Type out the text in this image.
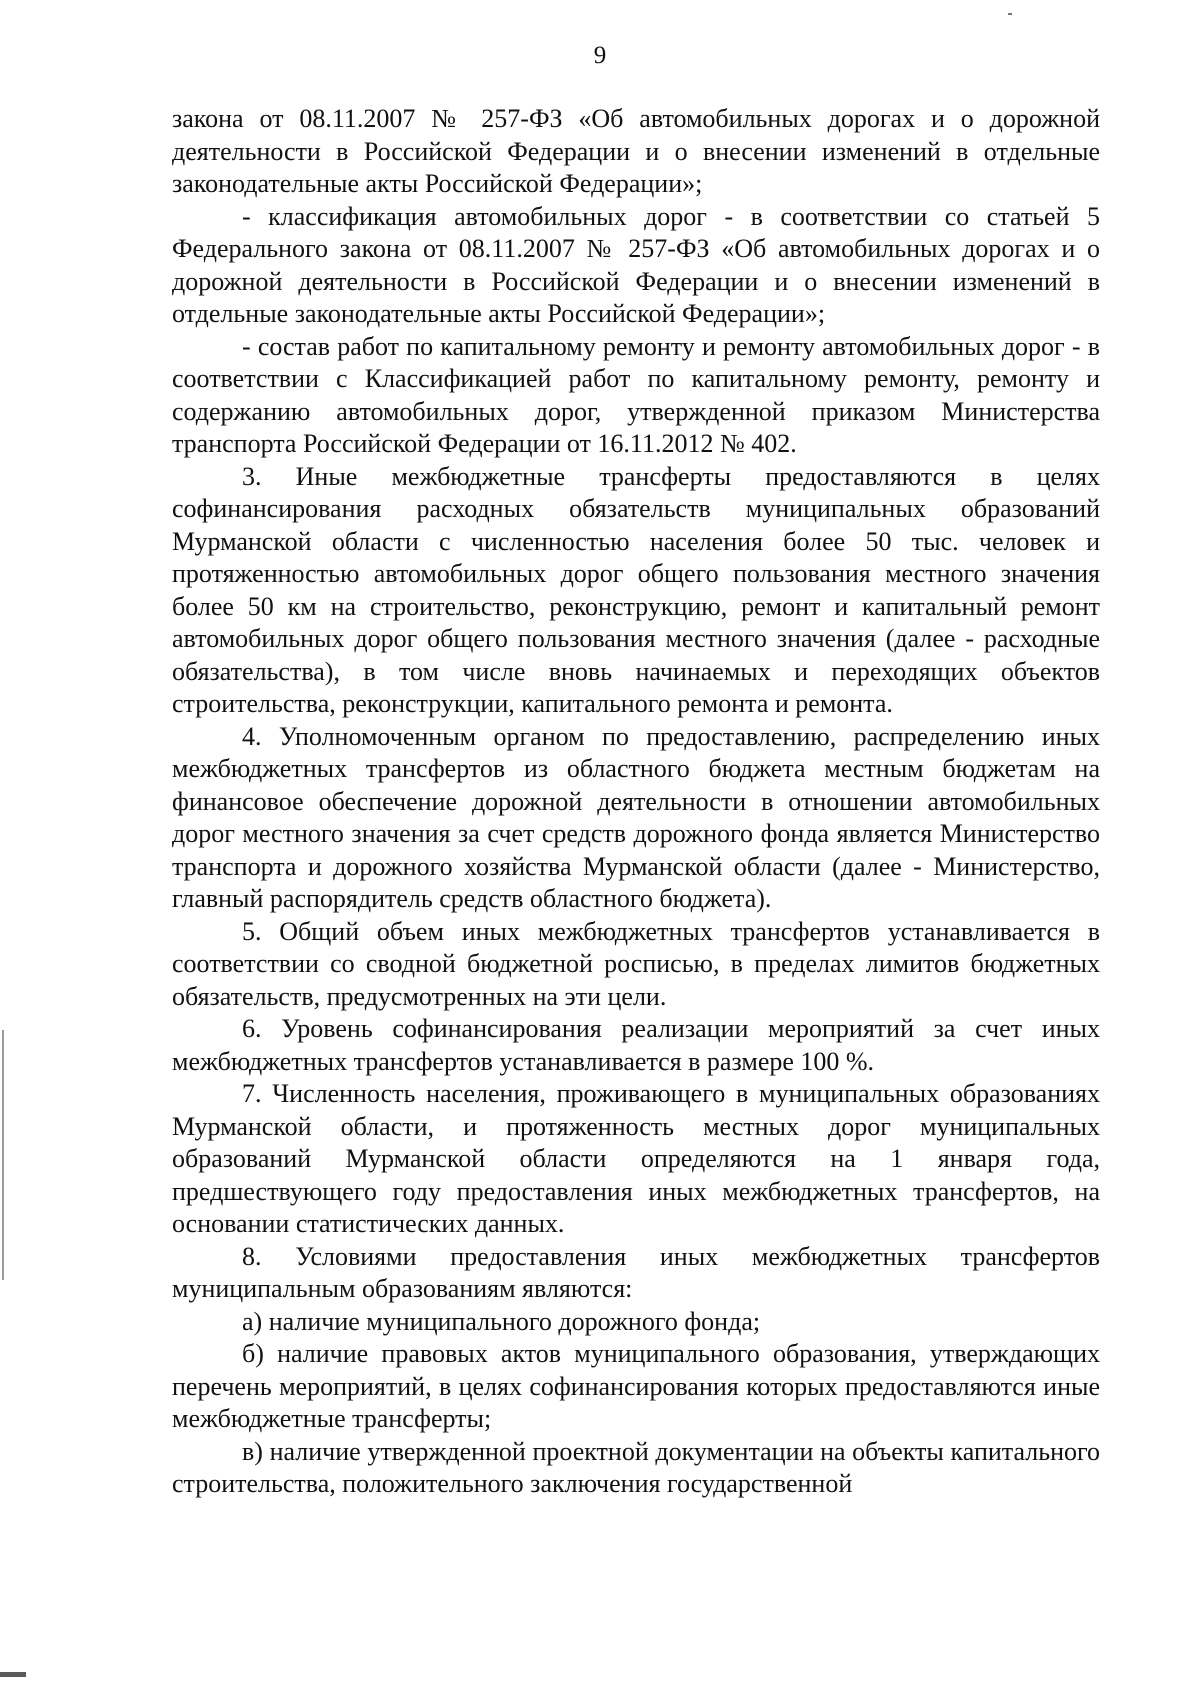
9

закона от 08.11.2007 № 257-ФЗ «Об автомобильных дорогах и о дорожной деятельности в Российской Федерации и о внесении изменений в отдельные законодательные акты Российской Федерации»;

- классификация автомобильных дорог - в соответствии со статьей 5 Федерального закона от 08.11.2007 № 257-ФЗ «Об автомобильных дорогах и о дорожной деятельности в Российской Федерации и о внесении изменений в отдельные законодательные акты Российской Федерации»;

- состав работ по капитальному ремонту и ремонту автомобильных дорог - в соответствии с Классификацией работ по капитальному ремонту, ремонту и содержанию автомобильных дорог, утвержденной приказом Министерства транспорта Российской Федерации от 16.11.2012 № 402.

3. Иные межбюджетные трансферты предоставляются в целях софинансирования расходных обязательств муниципальных образований Мурманской области с численностью населения более 50 тыс. человек и протяженностью автомобильных дорог общего пользования местного значения более 50 км на строительство, реконструкцию, ремонт и капитальный ремонт автомобильных дорог общего пользования местного значения (далее - расходные обязательства), в том числе вновь начинаемых и переходящих объектов строительства, реконструкции, капитального ремонта и ремонта.

4. Уполномоченным органом по предоставлению, распределению иных межбюджетных трансфертов из областного бюджета местным бюджетам на финансовое обеспечение дорожной деятельности в отношении автомобильных дорог местного значения за счет средств дорожного фонда является Министерство транспорта и дорожного хозяйства Мурманской области (далее - Министерство, главный распорядитель средств областного бюджета).

5. Общий объем иных межбюджетных трансфертов устанавливается в соответствии со сводной бюджетной росписью, в пределах лимитов бюджетных обязательств, предусмотренных на эти цели.

6. Уровень софинансирования реализации мероприятий за счет иных межбюджетных трансфертов устанавливается в размере 100 %.

7. Численность населения, проживающего в муниципальных образованиях Мурманской области, и протяженность местных дорог муниципальных образований Мурманской области определяются на 1 января года, предшествующего году предоставления иных межбюджетных трансфертов, на основании статистических данных.

8. Условиями предоставления иных межбюджетных трансфертов муниципальным образованиям являются:

а) наличие муниципального дорожного фонда;

б) наличие правовых актов муниципального образования, утверждающих перечень мероприятий, в целях софинансирования которых предоставляются иные межбюджетные трансферты;

в) наличие утвержденной проектной документации на объекты капитального строительства, положительного заключения государственной
